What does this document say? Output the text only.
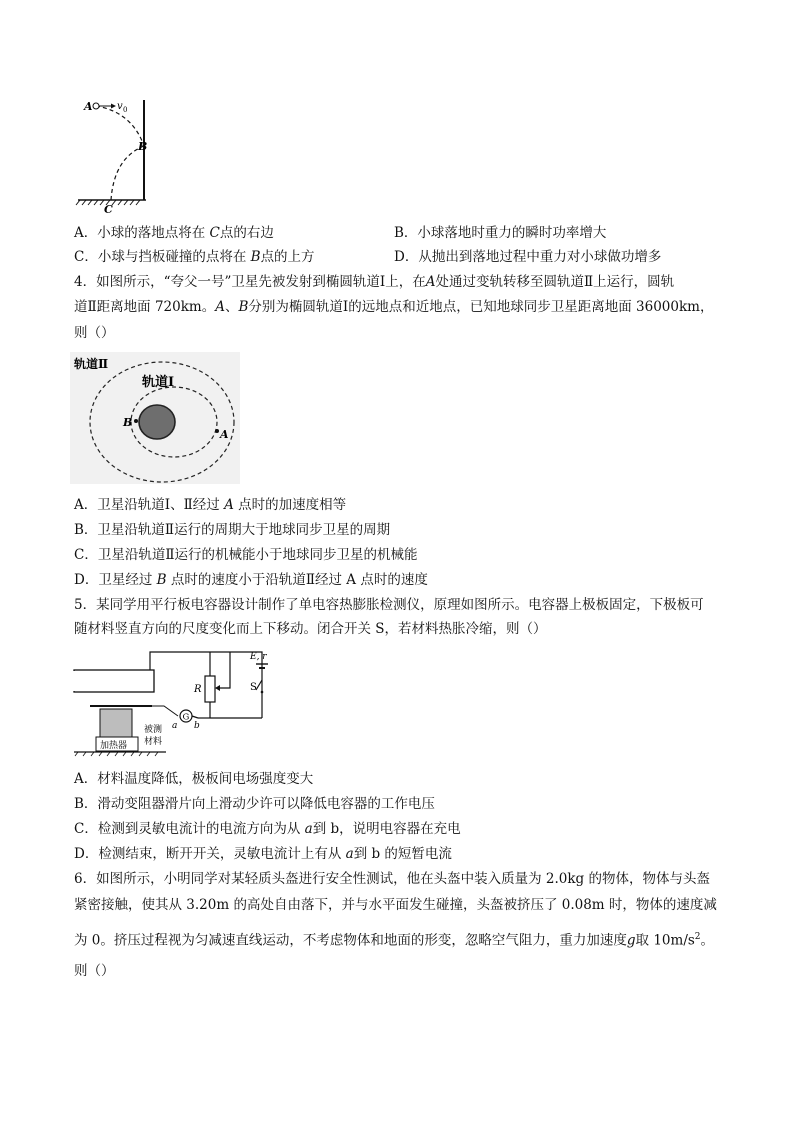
A v 0
B
C
A．小球的落地点将在 C点的右边	B．小球落地时重力的瞬时功率增大
C．小球与挡板碰撞的点将在 B点的上方	D．从抛出到落地过程中重力对小球做功增多
4．如图所示，“夸父一号”卫星先被发射到椭圆轨道Ⅰ上，在A处通过变轨转移至圆轨道Ⅱ上运行，圆轨
道Ⅱ距离地面 720km。A、B分别为椭圆轨道Ⅰ的远地点和近地点，已知地球同步卫星距离地面 36000km，
则（）
轨道Ⅱ
轨道Ⅰ
B
A
A．卫星沿轨道Ⅰ、Ⅱ经过 A 点时的加速度相等
B．卫星沿轨道Ⅱ运行的周期大于地球同步卫星的周期
C．卫星沿轨道Ⅱ运行的机械能小于地球同步卫星的机械能
D．卫星经过 B 点时的速度小于沿轨道Ⅱ经过 A 点时的速度
5．某同学用平行板电容器设计制作了单电容热膨胀检测仪，原理如图所示。电容器上极板固定，下极板可
随材料竖直方向的尺度变化而上下移动。闭合开关 S，若材料热胀冷缩，则（）
G
R
E, r
S
a b
被测
材料
加热器
A．材料温度降低，极板间电场强度变大
B．滑动变阻器滑片向上滑动少许可以降低电容器的工作电压
C．检测到灵敏电流计的电流方向为从 a到 b，说明电容器在充电
D．检测结束，断开开关，灵敏电流计上有从 a到 b 的短暂电流
6．如图所示，小明同学对某轻质头盔进行安全性测试，他在头盔中装入质量为 2.0kg 的物体，物体与头盔
紧密接触，使其从 3.20m 的高处自由落下，并与水平面发生碰撞，头盔被挤压了 0.08m 时，物体的速度减
为 0。挤压过程视为匀减速直线运动，不考虑物体和地面的形变，忽略空气阻力，重力加速度g取 $10m/s^2$。
则（）
